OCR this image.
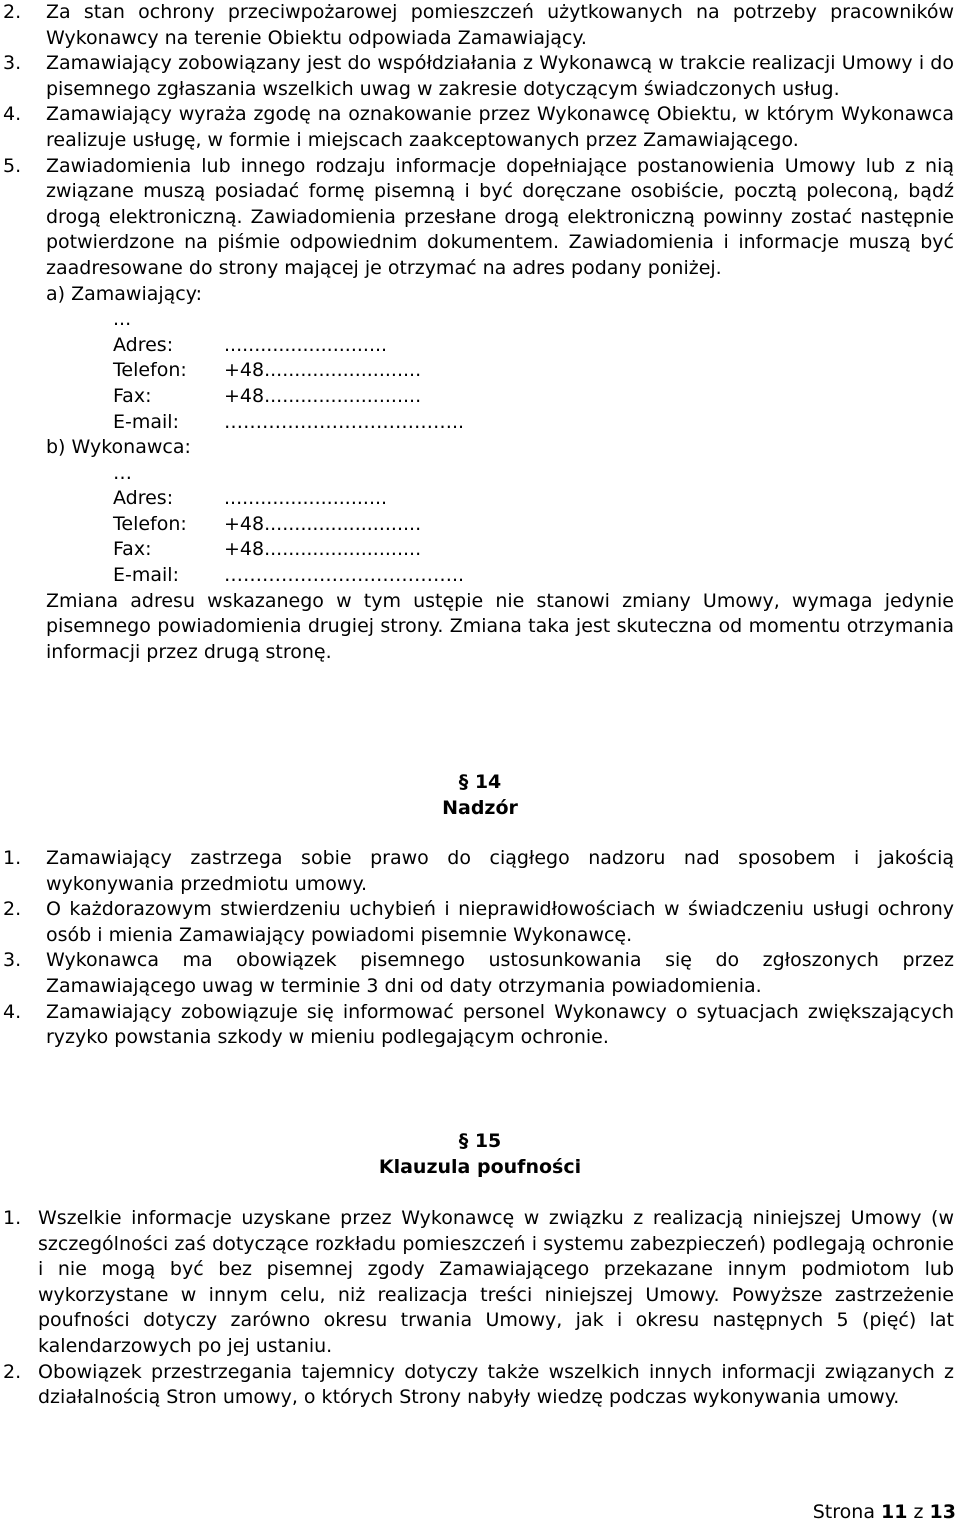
2. Za stan ochrony przeciwpożarowej pomieszczeń użytkowanych na potrzeby pracowników Wykonawcy na terenie Obiektu odpowiada Zamawiający.
3. Zamawiający zobowiązany jest do współdziałania z Wykonawcą w trakcie realizacji Umowy i do pisemnego zgłaszania wszelkich uwag w zakresie dotyczącym świadczonych usług.
4. Zamawiający wyraża zgodę na oznakowanie przez Wykonawcę Obiektu, w którym Wykonawca realizuje usługę, w formie i miejscach zaakceptowanych przez Zamawiającego.
5. Zawiadomienia lub innego rodzaju informacje dopełniające postanowienia Umowy lub z nią związane muszą posiadać formę pisemną i być doręczane osobiście, pocztą poleconą, bądź drogą elektroniczną. Zawiadomienia przesłane drogą elektroniczną powinny zostać następnie potwierdzone na piśmie odpowiednim dokumentem. Zawiadomienia i informacje muszą być zaadresowane do strony mającej je otrzymać na adres podany poniżej.
a) Zamawiający:
...
Adres:	...........................
Telefon: +48..........................
Fax:	+48..........................
E-mail: ………………………………..
b) Wykonawca:
…
Adres:	...........................
Telefon: +48..........................
Fax:	+48..........................
E-mail: ………………………………..
Zmiana adresu wskazanego w tym ustępie nie stanowi zmiany Umowy, wymaga jedynie pisemnego powiadomienia drugiej strony. Zmiana taka jest skuteczna od momentu otrzymania informacji przez drugą stronę.
§ 14
Nadzór
1. Zamawiający zastrzega sobie prawo do ciągłego nadzoru nad sposobem i jakością wykonywania przedmiotu umowy.
2. O każdorazowym stwierdzeniu uchybień i nieprawidłowościach w świadczeniu usługi ochrony osób i mienia Zamawiający powiadomi pisemnie Wykonawcę.
3. Wykonawca ma obowiązek pisemnego ustosunkowania się do zgłoszonych przez Zamawiającego uwag w terminie 3 dni od daty otrzymania powiadomienia.
4. Zamawiający zobowiązuje się informować personel Wykonawcy o sytuacjach zwiększających ryzyko powstania szkody w mieniu podlegającym ochronie.
§ 15
Klauzula poufności
1. Wszelkie informacje uzyskane przez Wykonawcę w związku z realizacją niniejszej Umowy (w szczególności zaś dotyczące rozkładu pomieszczeń i systemu zabezpieczeń) podlegają ochronie i nie mogą być bez pisemnej zgody Zamawiającego przekazane innym podmiotom lub wykorzystane w innym celu, niż realizacja treści niniejszej Umowy. Powyższe zastrzeżenie poufności dotyczy zarówno okresu trwania Umowy, jak i okresu następnych 5 (pięć) lat kalendarzowych po jej ustaniu.
2. Obowiązek przestrzegania tajemnicy dotyczy także wszelkich innych informacji związanych z działalnością Stron umowy, o których Strony nabyły wiedzę podczas wykonywania umowy.
Strona 11 z 13
